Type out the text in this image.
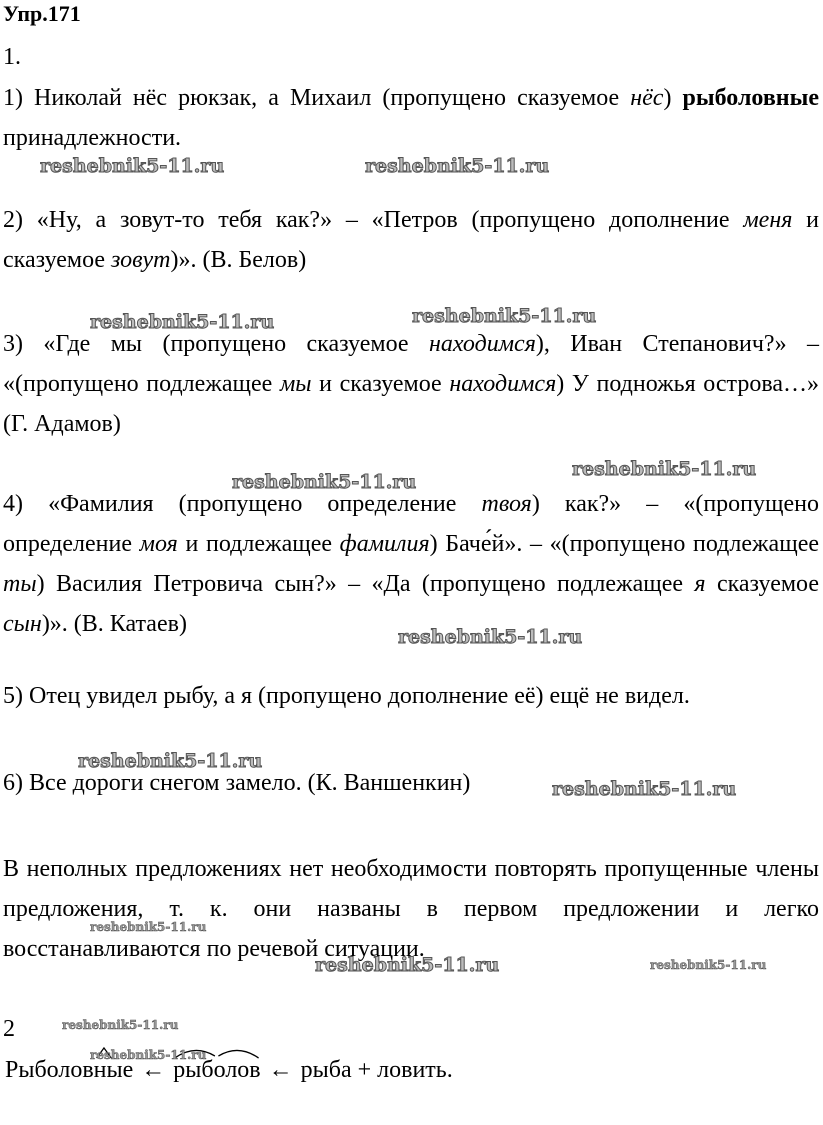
Упр.171

1.

1) Николай нёс рюкзак, а Михаил (пропущено сказуемое нёс) рыболовные принадлежности.

2) «Ну, а зовут-то тебя как?» – «Петров (пропущено дополнение меня и сказуемое зовут)». (В. Белов)

3) «Где мы (пропущено сказуемое находимся), Иван Степанович?» – «(пропущено подлежащее мы и сказуемое находимся) У подножья острова…» (Г. Адамов)

4) «Фамилия (пропущено определение твоя) как?» – «(пропущено определение моя и подлежащее фамилия) Баче́й». – «(пропущено подлежащее ты) Василия Петровича сын?» – «Да (пропущено подлежащее я сказуемое сын)». (В. Катаев)

5) Отец увидел рыбу, а я (пропущено дополнение её) ещё не видел.

6) Все дороги снегом замело. (К. Ваншенкин)

В неполных предложениях нет необходимости повторять пропущенные члены предложения, т. к. они названы в первом предложении и легко восстанавливаются по речевой ситуации.

2

Рыболовные ← рыболов ← рыба + ловить.
reshebnik5-11.ru	reshebnik5-11.ru
reshebnik5-11.ru	reshebnik5-11.ru
reshebnik5-11.ru
reshebnik5-11.ru
reshebnik5-11.ru
reshebnik5-11.ru
reshebnik5-11.ru
reshebnik5-11.ru
reshebnik5-11.ru	reshebnik5-11.ru
reshebnik5-11.ru
reshebnik5-11.ru
